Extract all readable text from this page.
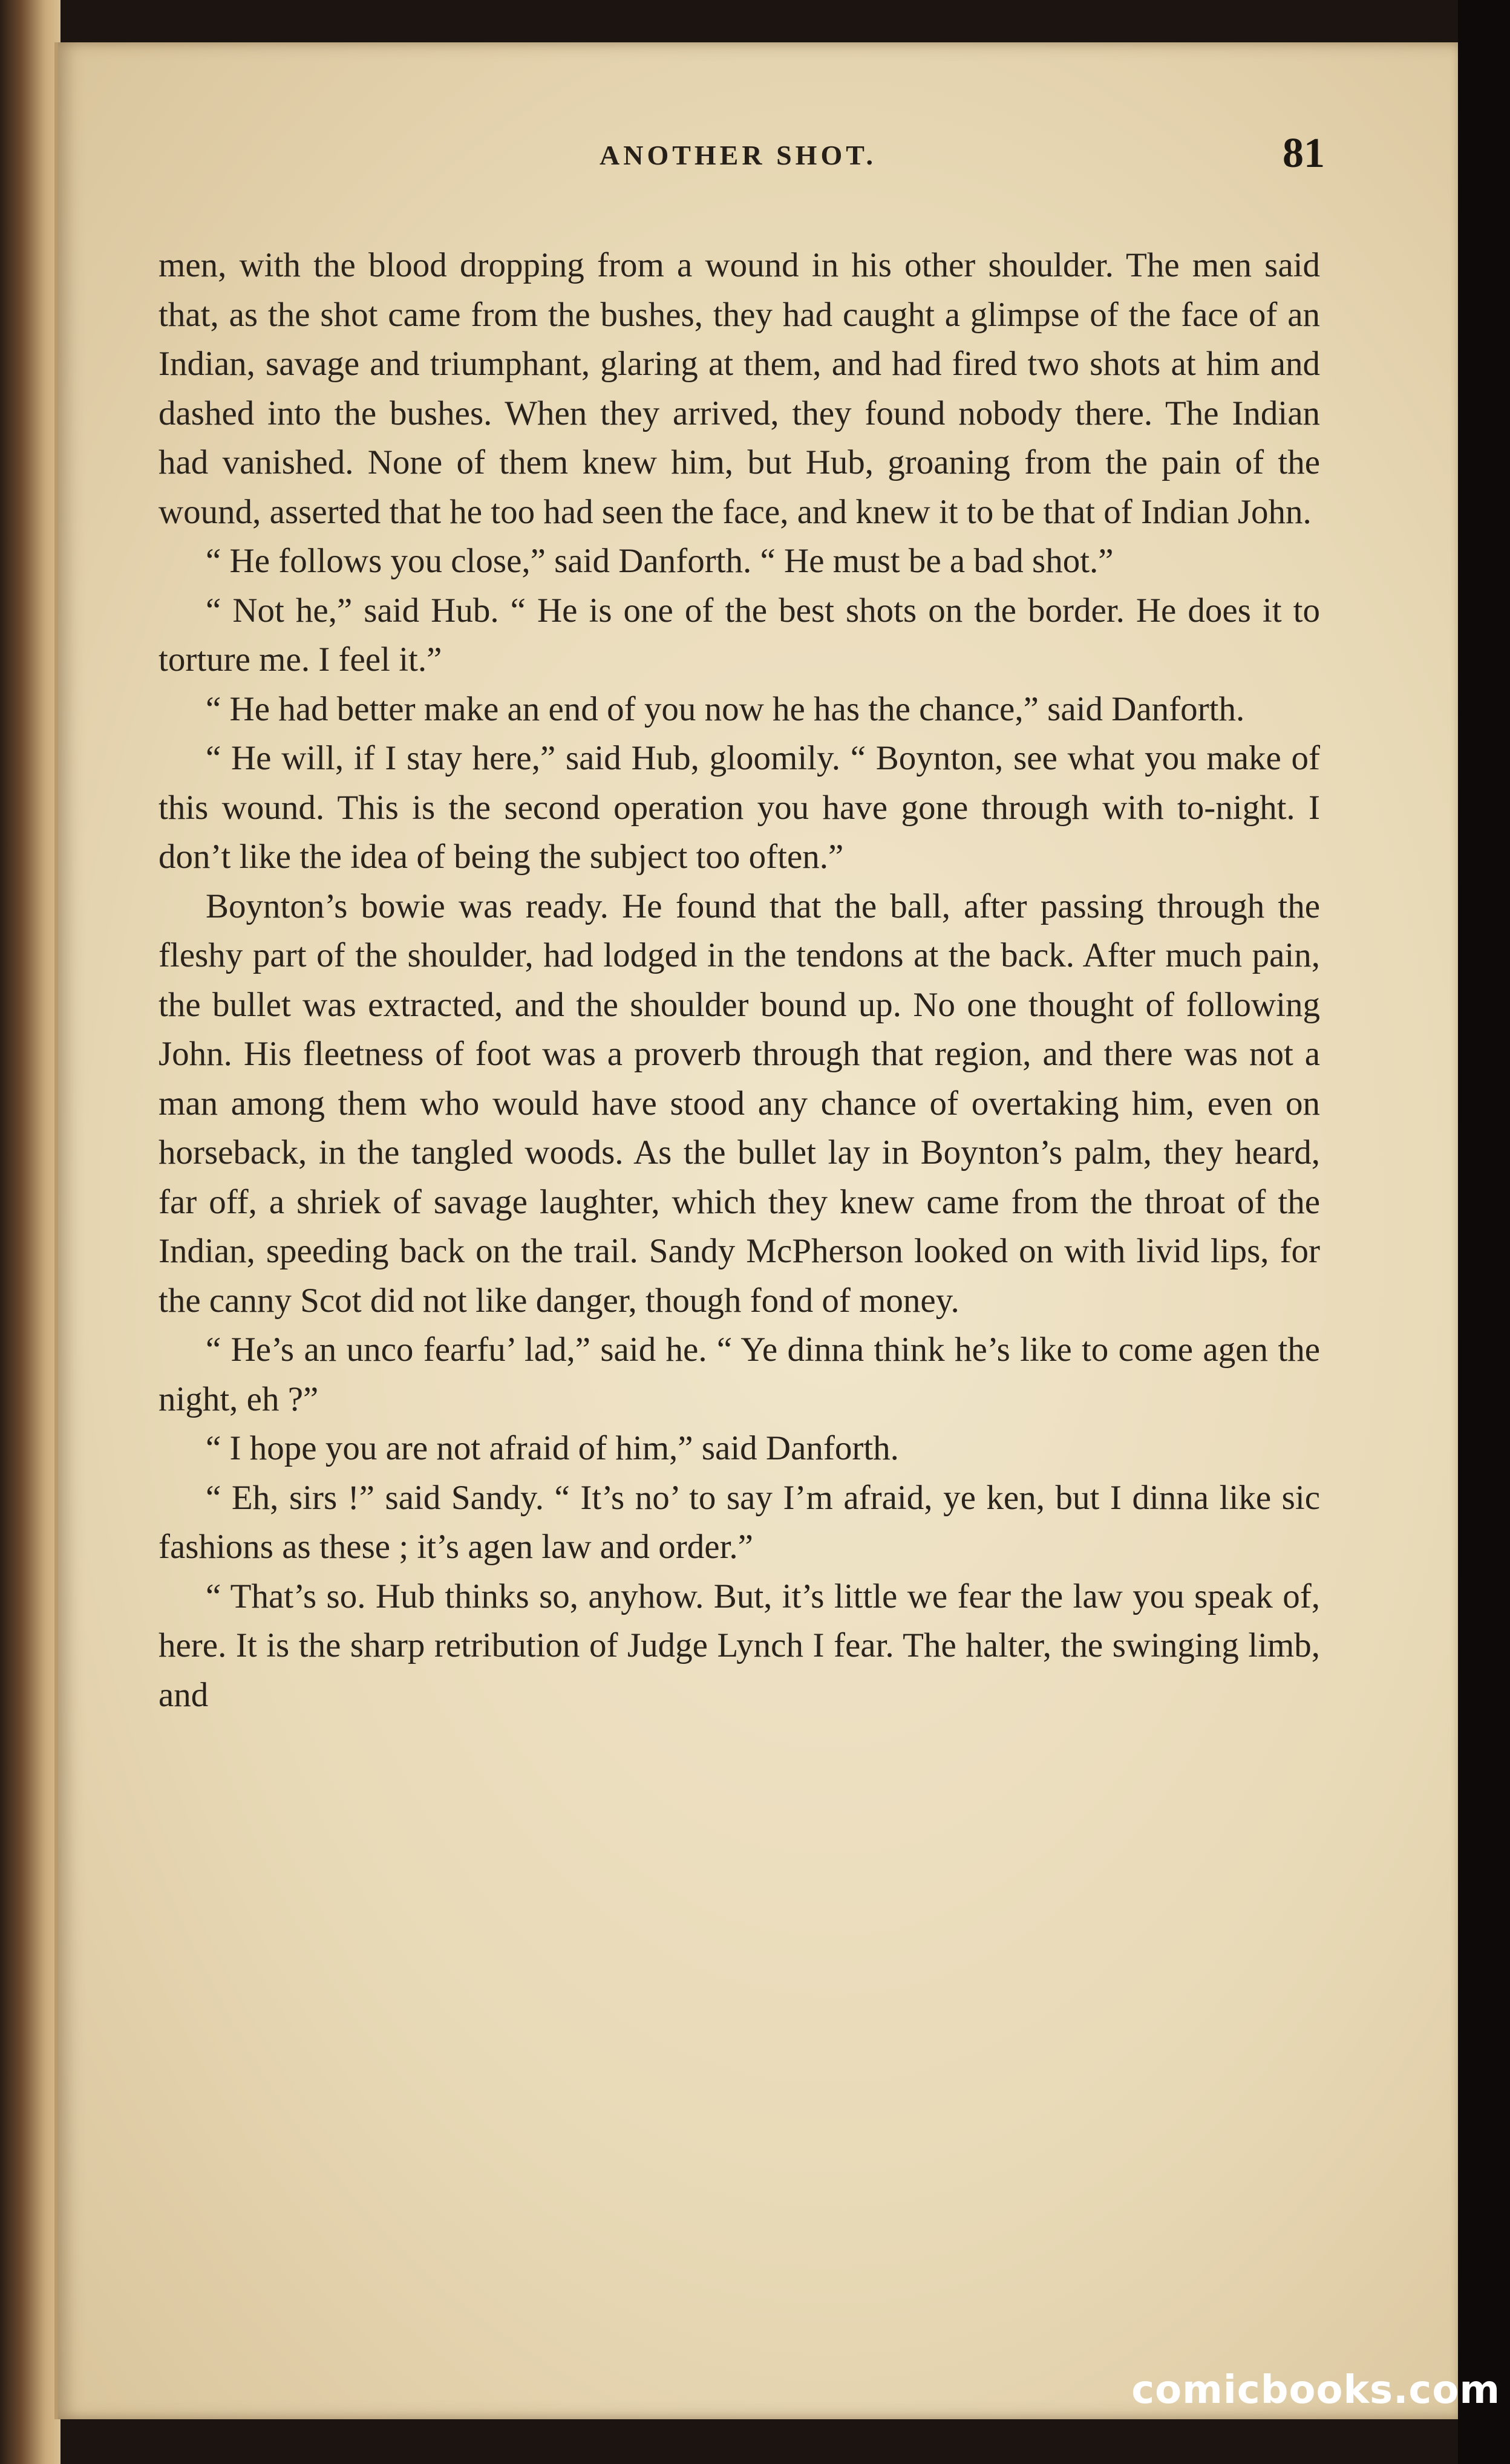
ANOTHER SHOT.	81

men, with the blood dropping from a wound in his other shoulder. The men said that, as the shot came from the bushes, they had caught a glimpse of the face of an Indian, savage and triumphant, glaring at them, and had fired two shots at him and dashed into the bushes. When they arrived, they found nobody there. The Indian had vanished. None of them knew him, but Hub, groaning from the pain of the wound, asserted that he too had seen the face, and knew it to be that of Indian John.

“ He follows you close,” said Danforth. “ He must be a bad shot.”

“ Not he,” said Hub. “ He is one of the best shots on the border. He does it to torture me. I feel it.”

“ He had better make an end of you now he has the chance,” said Danforth.

“ He will, if I stay here,” said Hub, gloomily. “ Boynton, see what you make of this wound. This is the second operation you have gone through with to-night. I don’t like the idea of being the subject too often.”

Boynton’s bowie was ready. He found that the ball, after passing through the fleshy part of the shoulder, had lodged in the tendons at the back. After much pain, the bullet was extracted, and the shoulder bound up. No one thought of following John. His fleetness of foot was a proverb through that region, and there was not a man among them who would have stood any chance of overtaking him, even on horseback, in the tangled woods. As the bullet lay in Boynton’s palm, they heard, far off, a shriek of savage laughter, which they knew came from the throat of the Indian, speeding back on the trail. Sandy McPherson looked on with livid lips, for the canny Scot did not like danger, though fond of money.

“ He’s an unco fearfu’ lad,” said he. “ Ye dinna think he’s like to come agen the night, eh ?”

“ I hope you are not afraid of him,” said Danforth.

“ Eh, sirs !” said Sandy. “ It’s no’ to say I’m afraid, ye ken, but I dinna like sic fashions as these ; it’s agen law and order.”

“ That’s so. Hub thinks so, anyhow. But, it’s little we fear the law you speak of, here. It is the sharp retribution of Judge Lynch I fear. The halter, the swinging limb, and

comicbooks.com
